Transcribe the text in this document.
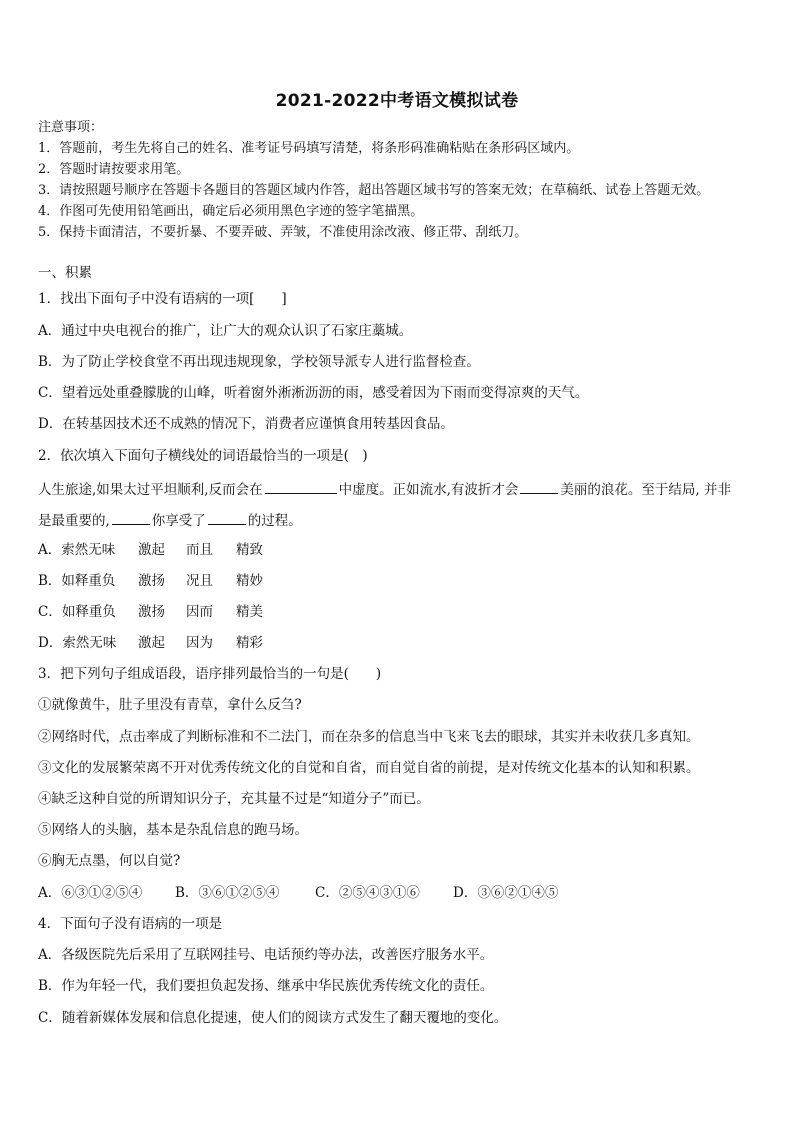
2021-2022中考语文模拟试卷
注意事项：
1．答题前，考生先将自己的姓名、准考证号码填写清楚，将条形码准确粘贴在条形码区域内。
2．答题时请按要求用笔。
3．请按照题号顺序在答题卡各题目的答题区域内作答，超出答题区域书写的答案无效；在草稿纸、试卷上答题无效。
4．作图可先使用铅笔画出，确定后必须用黑色字迹的签字笔描黑。
5．保持卡面清洁，不要折暴、不要弄破、弄皱，不准使用涂改液、修正带、刮纸刀。
一、积累
1．找出下面句子中没有语病的一项[　　]
A．通过中央电视台的推广，让广大的观众认识了石家庄藁城。
B．为了防止学校食堂不再出现违规现象，学校领导派专人进行监督检查。
C．望着远处重叠朦胧的山峰，听着窗外淅淅沥沥的雨，感受着因为下雨而变得凉爽的天气。
D．在转基因技术还不成熟的情况下，消费者应谨慎食用转基因食品。
2．依次填入下面句子横线处的词语最恰当的一项是(　)
人生旅途,如果太过平坦顺利,反而会在	中虚度。正如流水,有波折才会	美丽的浪花。至于结局, 并非
是最重要的,	你享受了	的过程。
A．索然无味 激起 而且 精致
B．如释重负 激扬 况且 精妙
C．如释重负 激扬 因而 精美
D．索然无味 激起 因为 精彩
3．把下列句子组成语段，语序排列最恰当的一句是(　　)
①就像黄牛，肚子里没有青草，拿什么反刍?
②网络时代，点击率成了判断标准和不二法门，而在杂多的信息当中飞来飞去的眼球，其实并未收获几多真知。
③文化的发展繁荣离不开对优秀传统文化的自觉和自省，而自觉自省的前提，是对传统文化基本的认知和积累。
④缺乏这种自觉的所谓知识分子，充其量不过是“知道分子”而已。
⑤网络人的头脑，基本是杂乱信息的跑马场。
⑥胸无点墨，何以自觉?
A．⑥③①②⑤④ B．③⑥①②⑤④	C．②⑤④③①⑥ D．③⑥②①④⑤
4．下面句子没有语病的一项是
A．各级医院先后采用了互联网挂号、电话预约等办法，改善医疗服务水平。
B．作为年轻一代，我们要担负起发扬、继承中华民族优秀传统文化的责任。
C．随着新媒体发展和信息化提速，使人们的阅读方式发生了翻天覆地的变化。
